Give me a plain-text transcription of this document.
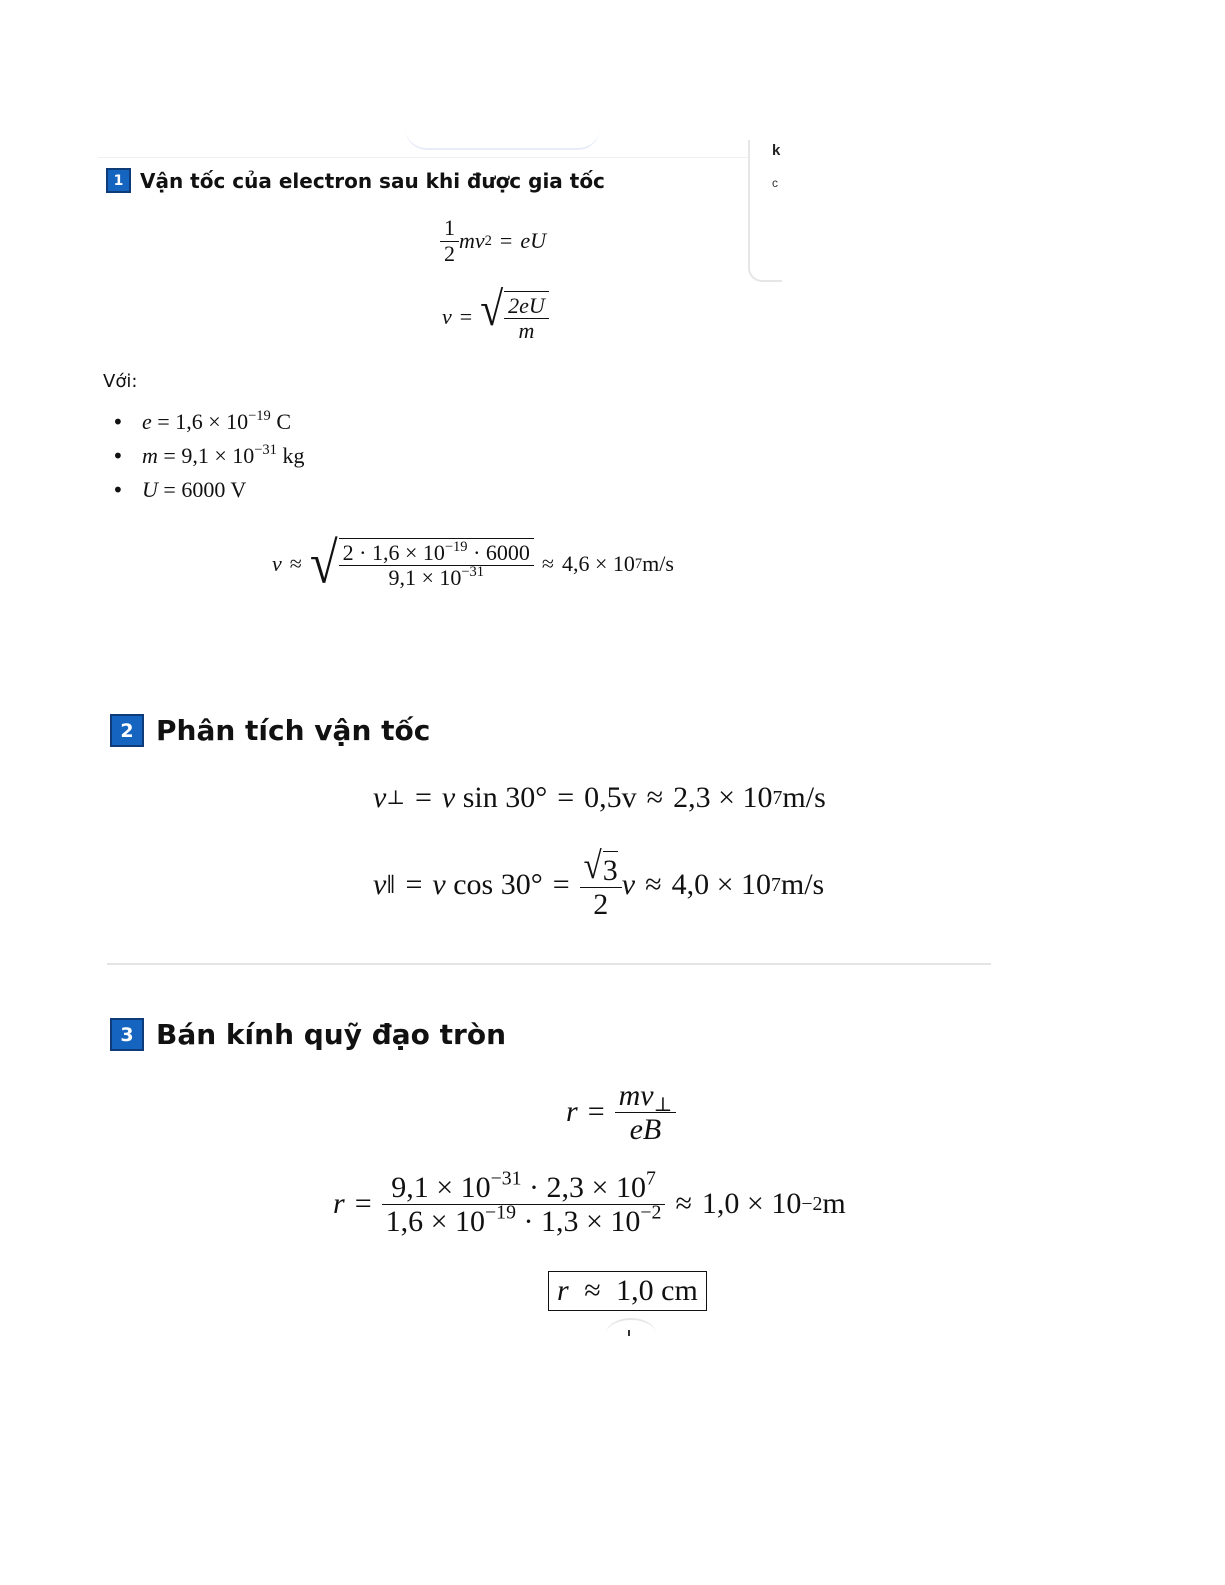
k
c
1 Vận tốc của electron sau khi được gia tốc
$\frac{1}{2}$ m v 2 = e U
v = √ $\frac{2eU}{m}$
Với:
• $e = 1,6 \times 10^{-19}$ C
• $m = 9,1 \times 10^{-31}$ kg
• U = 6000 V
v ≈ √ $\frac{2 \cdot 1,6 \times 10^{-19} \cdot 6000}{9,1 \times 10^{-31}} \approx 4,6 \times 10$ 7 m/s
2 Phân tích vận tốc
v ⊥ = v
sin 30° = 0,5v ≈ 2,3 × 10 7 m/s
v ∥ = v
$\cos 30^\circ = \frac{√ 3}{2}$ v ≈ 4,0 × 10 7 m/s
3 Bán kính quỹ đạo tròn
$r = \frac{mv_\perp}{eB}$
$r = \frac{9,1 \times 10^{-31} \cdot 2,3 \times 10^7}{1,6 \times 10^{-19} \cdot 1,3 \times 10^{-2}} \approx 1,0 \times 10 -2$ m
r ≈ 1,0 cm
